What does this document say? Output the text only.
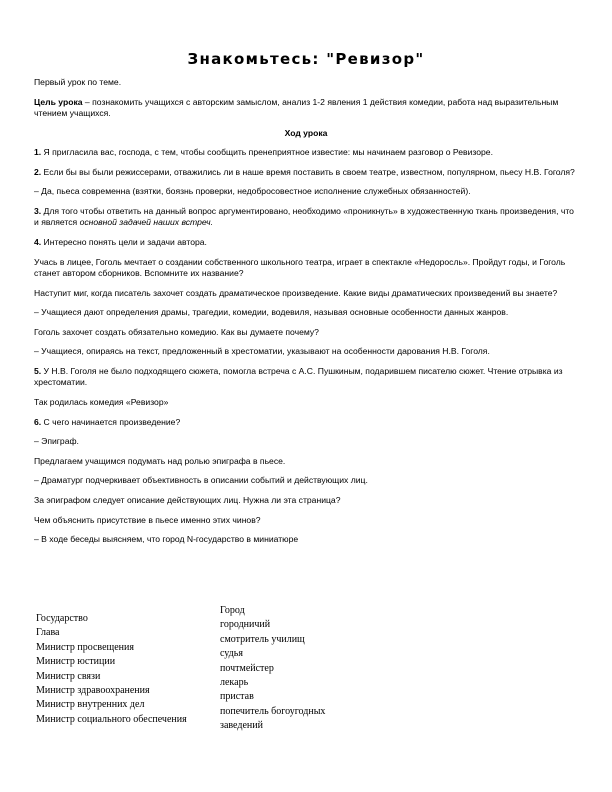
Знакомьтесь: "Ревизор"

Первый урок по теме.

Цель урока – познакомить учащихся с авторским замыслом, анализ 1-2 явления 1 действия комедии, работа над выразительным чтением учащихся.

Ход урока

1. Я пригласила вас, господа, с тем, чтобы сообщить пренеприятное известие: мы начинаем разговор о Ревизоре.

2. Если бы вы были режиссерами, отважились ли в наше время поставить в своем театре, известном, популярном, пьесу Н.В. Гоголя?

– Да, пьеса современна (взятки, боязнь проверки, недобросовестное исполнение служебных обязанностей).

3. Для того чтобы ответить на данный вопрос аргументировано, необходимо «проникнуть» в художественную ткань произведения, что и является основной задачей наших встреч.

4. Интересно понять цели и задачи автора.

Учась в лицее, Гоголь мечтает о создании собственного школьного театра, играет в спектакле «Недоросль». Пройдут годы, и Гоголь станет автором сборников. Вспомните их название?

Наступит миг, когда писатель захочет создать драматическое произведение. Какие виды драматических произведений вы знаете?

– Учащиеся дают определения драмы, трагедии, комедии, водевиля, называя основные особенности данных жанров.

Гоголь захочет создать обязательно комедию. Как вы думаете почему?

– Учащиеся, опираясь на текст, предложенный в хрестоматии, указывают на особенности дарования Н.В. Гоголя.

5. У Н.В. Гоголя не было подходящего сюжета, помогла встреча с А.С. Пушкиным, подарившем писателю сюжет. Чтение отрывка из хрестоматии.

Так родилась комедия «Ревизор»

6. С чего начинается произведение?

– Эпиграф.

Предлагаем учащимся подумать над ролью эпиграфа в пьесе.

– Драматург подчеркивает объективность в описании событий и действующих лиц.

За эпиграфом следует описание действующих лиц. Нужна ли эта страница?

Чем объяснить присутствие в пьесе именно этих чинов?

– В ходе беседы выясняем, что город N-государство в миниатюре

Государство
Глава
Министр просвещения
Министр юстиции
Министр связи
Министр здравоохранения
Министр внутренних дел
Министр социального обеспечения
Город
городничий
смотритель училищ
судья
почтмейстер
лекарь
пристав
попечитель богоугодных
заведений
